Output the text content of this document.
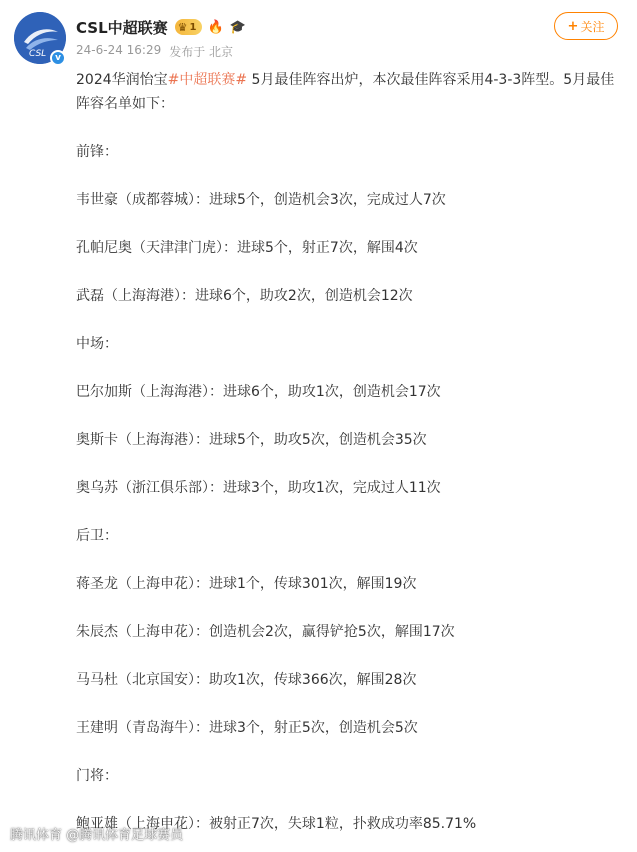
CSL v
CSL中超联赛 ♛ 1 🔥 🎓
24-6-24 16:29 发布于 北京
+ 关注
2024华润怡宝#中超联赛# 5月最佳阵容出炉，本次最佳阵容采用4-3-3阵型。5月最佳阵容名单如下：
前锋：
韦世豪（成都蓉城）：进球5个，创造机会3次，完成过人7次
孔帕尼奥（天津津门虎）：进球5个，射正7次，解围4次
武磊（上海海港）：进球6个，助攻2次，创造机会12次
中场：
巴尔加斯（上海海港）：进球6个，助攻1次，创造机会17次
奥斯卡（上海海港）：进球5个，助攻5次，创造机会35次
奥乌苏（浙江俱乐部）：进球3个，助攻1次，完成过人11次
后卫：
蒋圣龙（上海申花）：进球1个，传球301次，解围19次
朱辰杰（上海申花）：创造机会2次，赢得铲抢5次，解围17次
马马杜（北京国安）：助攻1次，传球366次，解围28次
王建明（青岛海牛）：进球3个，射正5次，创造机会5次
门将：
鲍亚雄（上海申花）：被射正7次，失球1粒，扑救成功率85.71%
腾讯体育 @腾讯体育足球赛员
